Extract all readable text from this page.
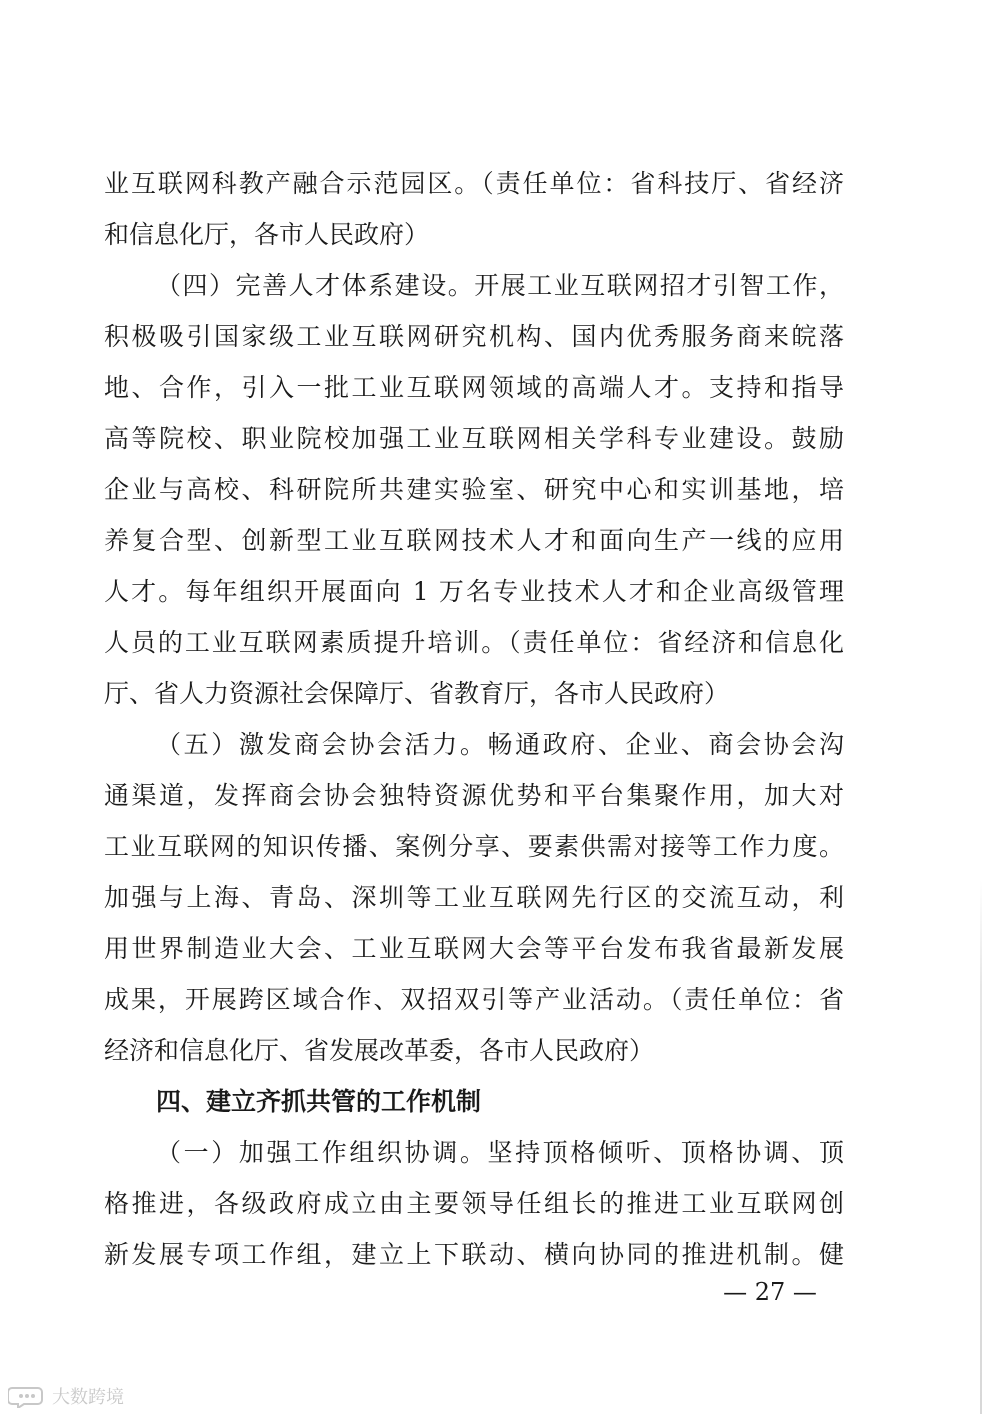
业互联网科教产融合示范园区。（责任单位：省科技厅、省经济
和信息化厅，各市人民政府）
（四）完善人才体系建设。开展工业互联网招才引智工作，
积极吸引国家级工业互联网研究机构、国内优秀服务商来皖落
地、合作，引入一批工业互联网领域的高端人才。支持和指导
高等院校、职业院校加强工业互联网相关学科专业建设。鼓励
企业与高校、科研院所共建实验室、研究中心和实训基地，培
养复合型、创新型工业互联网技术人才和面向生产一线的应用
人才。每年组织开展面向 1 万名专业技术人才和企业高级管理
人员的工业互联网素质提升培训。（责任单位：省经济和信息化
厅、省人力资源社会保障厅、省教育厅，各市人民政府）
（五）激发商会协会活力。畅通政府、企业、商会协会沟
通渠道，发挥商会协会独特资源优势和平台集聚作用，加大对
工业互联网的知识传播、案例分享、要素供需对接等工作力度。
加强与上海、青岛、深圳等工业互联网先行区的交流互动，利
用世界制造业大会、工业互联网大会等平台发布我省最新发展
成果，开展跨区域合作、双招双引等产业活动。（责任单位：省
经济和信息化厅、省发展改革委，各市人民政府）
四、建立齐抓共管的工作机制
（一）加强工作组织协调。坚持顶格倾听、顶格协调、顶
格推进，各级政府成立由主要领导任组长的推进工业互联网创
新发展专项工作组，建立上下联动、横向协同的推进机制。健
— 27 —
大数跨境
